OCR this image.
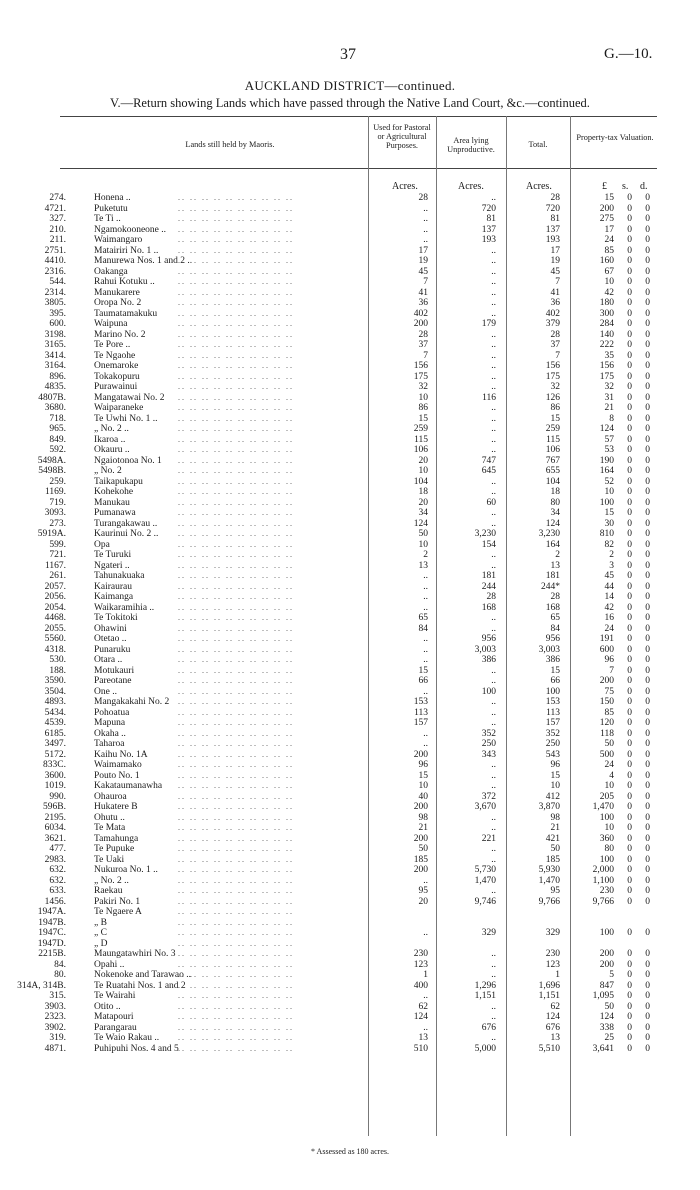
37	G.—10.
AUCKLAND DISTRICT—continued.
V.—Return showing Lands which have passed through the Native Land Court, &c.—continued.
Lands still held by Maoris.
Used for Pastoral or Agricultural Purposes.
Area lying Unproductive.
Total.
Property-tax Valuation.
Acres.	Acres.	Acres.	£ s. d.
274.	Honena ..	28	..	28	15	0	0
.. .. .. .. .. .. .. .. .. ..
4721.	Puketutu	..	720	720	200	0	0
.. .. .. .. .. .. .. .. .. ..
327.	Te Ti ..	..	81	81	275	0	0
.. .. .. .. .. .. .. .. .. ..
210.	Ngamokooneone ..	..	137	137	17	0	0
.. .. .. .. .. .. .. .. .. ..
211.	Waimangaro	..	193	193	24	0	0
.. .. .. .. .. .. .. .. .. ..
2751.	Matairiri No. 1 ..	17	..	17	85	0	0
.. .. .. .. .. .. .. .. .. ..
4410.	Manurewa Nos. 1 and 2 ..	19	..	19	160	0	0
.. .. .. .. .. .. .. .. .. ..
2316.	Oakanga	45	..	45	67	0	0
.. .. .. .. .. .. .. .. .. ..
544.	Rahui Kotuku ..	7	..	7	10	0	0
.. .. .. .. .. .. .. .. .. ..
2314.	Manukarere	41	..	41	42	0	0
.. .. .. .. .. .. .. .. .. ..
3805.	Oropa No. 2	36	..	36	180	0	0
.. .. .. .. .. .. .. .. .. ..
395.	Taumatamakuku	402	..	402	300	0	0
.. .. .. .. .. .. .. .. .. ..
600.	Waipuna	200	179	379	284	0	0
.. .. .. .. .. .. .. .. .. ..
3198.	Marino No. 2	28	..	28	140	0	0
.. .. .. .. .. .. .. .. .. ..
3165.	Te Pore ..	37	..	37	222	0	0
.. .. .. .. .. .. .. .. .. ..
3414.	Te Ngaohe	7	..	7	35	0	0
.. .. .. .. .. .. .. .. .. ..
3164.	Onemaroke	156	..	156	156	0	0
.. .. .. .. .. .. .. .. .. ..
896.	Tokakopuru	175	..	175	175	0	0
.. .. .. .. .. .. .. .. .. ..
4835.	Purawainui	32	..	32	32	0	0
.. .. .. .. .. .. .. .. .. ..
4807B.	Mangatawai No. 2	10	116	126	31	0	0
.. .. .. .. .. .. .. .. .. ..
3680.	Waiparaneke	86	..	86	21	0	0
.. .. .. .. .. .. .. .. .. ..
718.	Te Uwhi No. 1 ..	15	..	15	8	0	0
.. .. .. .. .. .. .. .. .. ..
965.	„ No. 2 ..	259	..	259	124	0	0
.. .. .. .. .. .. .. .. .. ..
849.	Ikaroa ..	115	..	115	57	0	0
.. .. .. .. .. .. .. .. .. ..
592.	Okauru ..	106	..	106	53	0	0
.. .. .. .. .. .. .. .. .. ..
5498A.	Ngaiotonoa No. 1	20	747	767	190	0	0
.. .. .. .. .. .. .. .. .. ..
5498B.	„ No. 2	10	645	655	164	0	0
.. .. .. .. .. .. .. .. .. ..
259.	Taikapukapu	104	..	104	52	0	0
.. .. .. .. .. .. .. .. .. ..
1169.	Kohekohe	18	..	18	10	0	0
.. .. .. .. .. .. .. .. .. ..
719.	Manukau	20	60	80	100	0	0
.. .. .. .. .. .. .. .. .. ..
3093.	Pumanawa	34	..	34	15	0	0
.. .. .. .. .. .. .. .. .. ..
273.	Turangakawau ..	124	..	124	30	0	0
.. .. .. .. .. .. .. .. .. ..
5919A.	Kaurinui No. 2 ..	50	3,230	3,230	810	0	0
.. .. .. .. .. .. .. .. .. ..
599.	Opa	10	154	164	82	0	0
.. .. .. .. .. .. .. .. .. ..
721.	Te Turuki	2	..	2	2	0	0
.. .. .. .. .. .. .. .. .. ..
1167.	Ngateri ..	13	..	13	3	0	0
.. .. .. .. .. .. .. .. .. ..
261.	Tahunakuaka	..	181	181	45	0	0
.. .. .. .. .. .. .. .. .. ..
2057.	Kairaurau	..	244	244*	44	0	0
.. .. .. .. .. .. .. .. .. ..
2056.	Kaimanga	..	28	28	14	0	0
.. .. .. .. .. .. .. .. .. ..
2054.	Waikaramihia ..	..	168	168	42	0	0
.. .. .. .. .. .. .. .. .. ..
4468.	Te Tokitoki	65	..	65	16	0	0
.. .. .. .. .. .. .. .. .. ..
2055.	Ohawini	84	..	84	24	0	0
.. .. .. .. .. .. .. .. .. ..
5560.	Otetao ..	..	956	956	191	0	0
.. .. .. .. .. .. .. .. .. ..
4318.	Punaruku	..	3,003	3,003	600	0	0
.. .. .. .. .. .. .. .. .. ..
530.	Otara ..	..	386	386	96	0	0
.. .. .. .. .. .. .. .. .. ..
188.	Motukauri	15	..	15	7	0	0
.. .. .. .. .. .. .. .. .. ..
3590.	Pareotane	66	..	66	200	0	0
.. .. .. .. .. .. .. .. .. ..
3504.	One ..	..	100	100	75	0	0
.. .. .. .. .. .. .. .. .. ..
4893.	Mangakakahi No. 2	153	..	153	150	0	0
.. .. .. .. .. .. .. .. .. ..
5434.	Pohoatua	113	..	113	85	0	0
.. .. .. .. .. .. .. .. .. ..
4539.	Mapuna	157	..	157	120	0	0
.. .. .. .. .. .. .. .. .. ..
6185.	Okaha ..	..	352	352	118	0	0
.. .. .. .. .. .. .. .. .. ..
3497.	Taharoa	..	250	250	50	0	0
.. .. .. .. .. .. .. .. .. ..
5172.	Kaihu No. 1A	200	343	543	500	0	0
.. .. .. .. .. .. .. .. .. ..
833C.	Waimamako	96	..	96	24	0	0
.. .. .. .. .. .. .. .. .. ..
3600.	Pouto No. 1	15	..	15	4	0	0
.. .. .. .. .. .. .. .. .. ..
1019.	Kakataumanawha	10	..	10	10	0	0
.. .. .. .. .. .. .. .. .. ..
990.	Ohauroa	40	372	412	205	0	0
.. .. .. .. .. .. .. .. .. ..
596B.	Hukatere B	200	3,670	3,870	1,470	0	0
.. .. .. .. .. .. .. .. .. ..
2195.	Ohutu ..	98	..	98	100	0	0
.. .. .. .. .. .. .. .. .. ..
6034.	Te Mata	21	..	21	10	0	0
.. .. .. .. .. .. .. .. .. ..
3621.	Tamahunga	200	221	421	360	0	0
.. .. .. .. .. .. .. .. .. ..
477.	Te Pupuke	50	..	50	80	0	0
.. .. .. .. .. .. .. .. .. ..
2983.	Te Uaki	185	..	185	100	0	0
.. .. .. .. .. .. .. .. .. ..
632.	Nukuroa No. 1 ..	200	5,730	5,930	2,000	0	0
.. .. .. .. .. .. .. .. .. ..
632.	„ No. 2 ..	..	1,470	1,470	1,100	0	0
.. .. .. .. .. .. .. .. .. ..
633.	Raekau	95	..	95	230	0	0
.. .. .. .. .. .. .. .. .. ..
1456.	Pakiri No. 1	20	9,746	9,766	9,766	0	0
.. .. .. .. .. .. .. .. .. ..
1947A.	Te Ngaere A	.. .. .. .. .. .. .. .. .. ..
1947B.	„ B	.. .. .. .. .. .. .. .. .. ..
1947C.	„ C	..	329	329	100	0	0
.. .. .. .. .. .. .. .. .. ..
1947D.	„ D	.. .. .. .. .. .. .. .. .. ..
2215B.	Maungatawhiri No. 3	230	..	230	200	0	0
.. .. .. .. .. .. .. .. .. ..
84.	Opahi ..	123	..	123	200	0	0
.. .. .. .. .. .. .. .. .. ..
80.	Nokenoke and Tarawao ..	1	..	1	5	0	0
.. .. .. .. .. .. .. .. .. ..
314A, 314B.	Te Ruatahi Nos. 1 and 2	400	1,296	1,696	847	0	0
.. .. .. .. .. .. .. .. .. ..
315.	Te Wairahi	..	1,151	1,151	1,095	0	0
.. .. .. .. .. .. .. .. .. ..
3903.	Otito ..	62	..	62	50	0	0
.. .. .. .. .. .. .. .. .. ..
2323.	Matapouri	124	..	124	124	0	0
.. .. .. .. .. .. .. .. .. ..
3902.	Parangarau	..	676	676	338	0	0
.. .. .. .. .. .. .. .. .. ..
319.	Te Waio Rakau ..	13	..	13	25	0	0
.. .. .. .. .. .. .. .. .. ..
4871.	Puhipuhi Nos. 4 and 5	510	5,000	5,510	3,641	0	0
.. .. .. .. .. .. .. .. .. ..
* Assessed as 180 acres.
